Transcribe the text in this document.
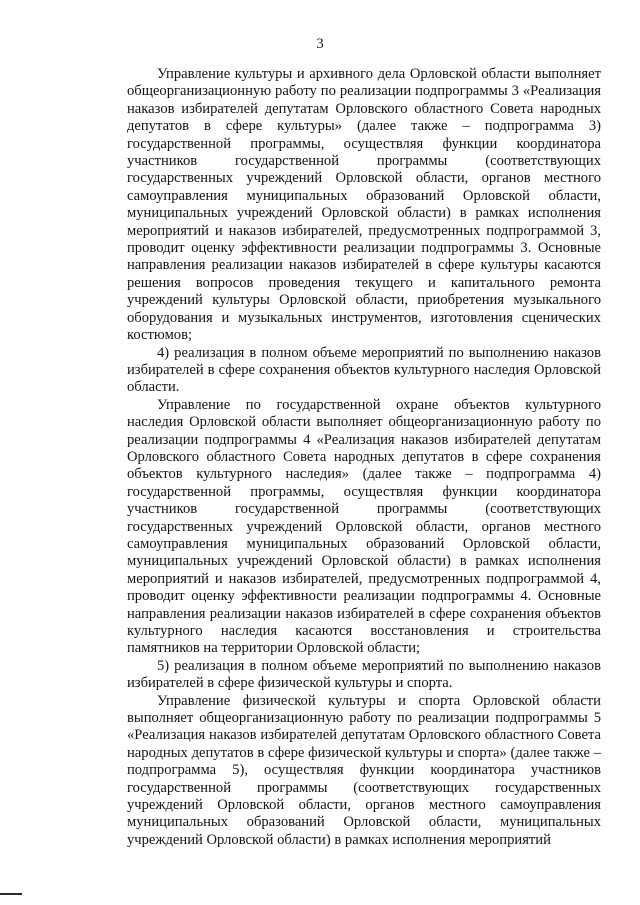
3

Управление культуры и архивного дела Орловской области выполняет общеорганизационную работу по реализации подпрограммы 3 «Реализация наказов избирателей депутатам Орловского областного Совета народных депутатов в сфере культуры» (далее также – подпрограмма 3) государственной программы, осуществляя функции координатора участников государственной программы (соответствующих государственных учреждений Орловской области, органов местного самоуправления муниципальных образований Орловской области, муниципальных учреждений Орловской области) в рамках исполнения мероприятий и наказов избирателей, предусмотренных подпрограммой 3, проводит оценку эффективности реализации подпрограммы 3. Основные направления реализации наказов избирателей в сфере культуры касаются решения вопросов проведения текущего и капитального ремонта учреждений культуры Орловской области, приобретения музыкального оборудования и музыкальных инструментов, изготовления сценических костюмов;

4) реализация в полном объеме мероприятий по выполнению наказов избирателей в сфере сохранения объектов культурного наследия Орловской области.

Управление по государственной охране объектов культурного наследия Орловской области выполняет общеорганизационную работу по реализации подпрограммы 4 «Реализация наказов избирателей депутатам Орловского областного Совета народных депутатов в сфере сохранения объектов культурного наследия» (далее также – подпрограмма 4) государственной программы, осуществляя функции координатора участников государственной программы (соответствующих государственных учреждений Орловской области, органов местного самоуправления муниципальных образований Орловской области, муниципальных учреждений Орловской области) в рамках исполнения мероприятий и наказов избирателей, предусмотренных подпрограммой 4, проводит оценку эффективности реализации подпрограммы 4. Основные направления реализации наказов избирателей в сфере сохранения объектов культурного наследия касаются восстановления и строительства памятников на территории Орловской области;

5) реализация в полном объеме мероприятий по выполнению наказов избирателей в сфере физической культуры и спорта.

Управление физической культуры и спорта Орловской области выполняет общеорганизационную работу по реализации подпрограммы 5 «Реализация наказов избирателей депутатам Орловского областного Совета народных депутатов в сфере физической культуры и спорта» (далее также – подпрограмма 5), осуществляя функции координатора участников государственной программы (соответствующих государственных учреждений Орловской области, органов местного самоуправления муниципальных образований Орловской области, муниципальных учреждений Орловской области) в рамках исполнения мероприятий
